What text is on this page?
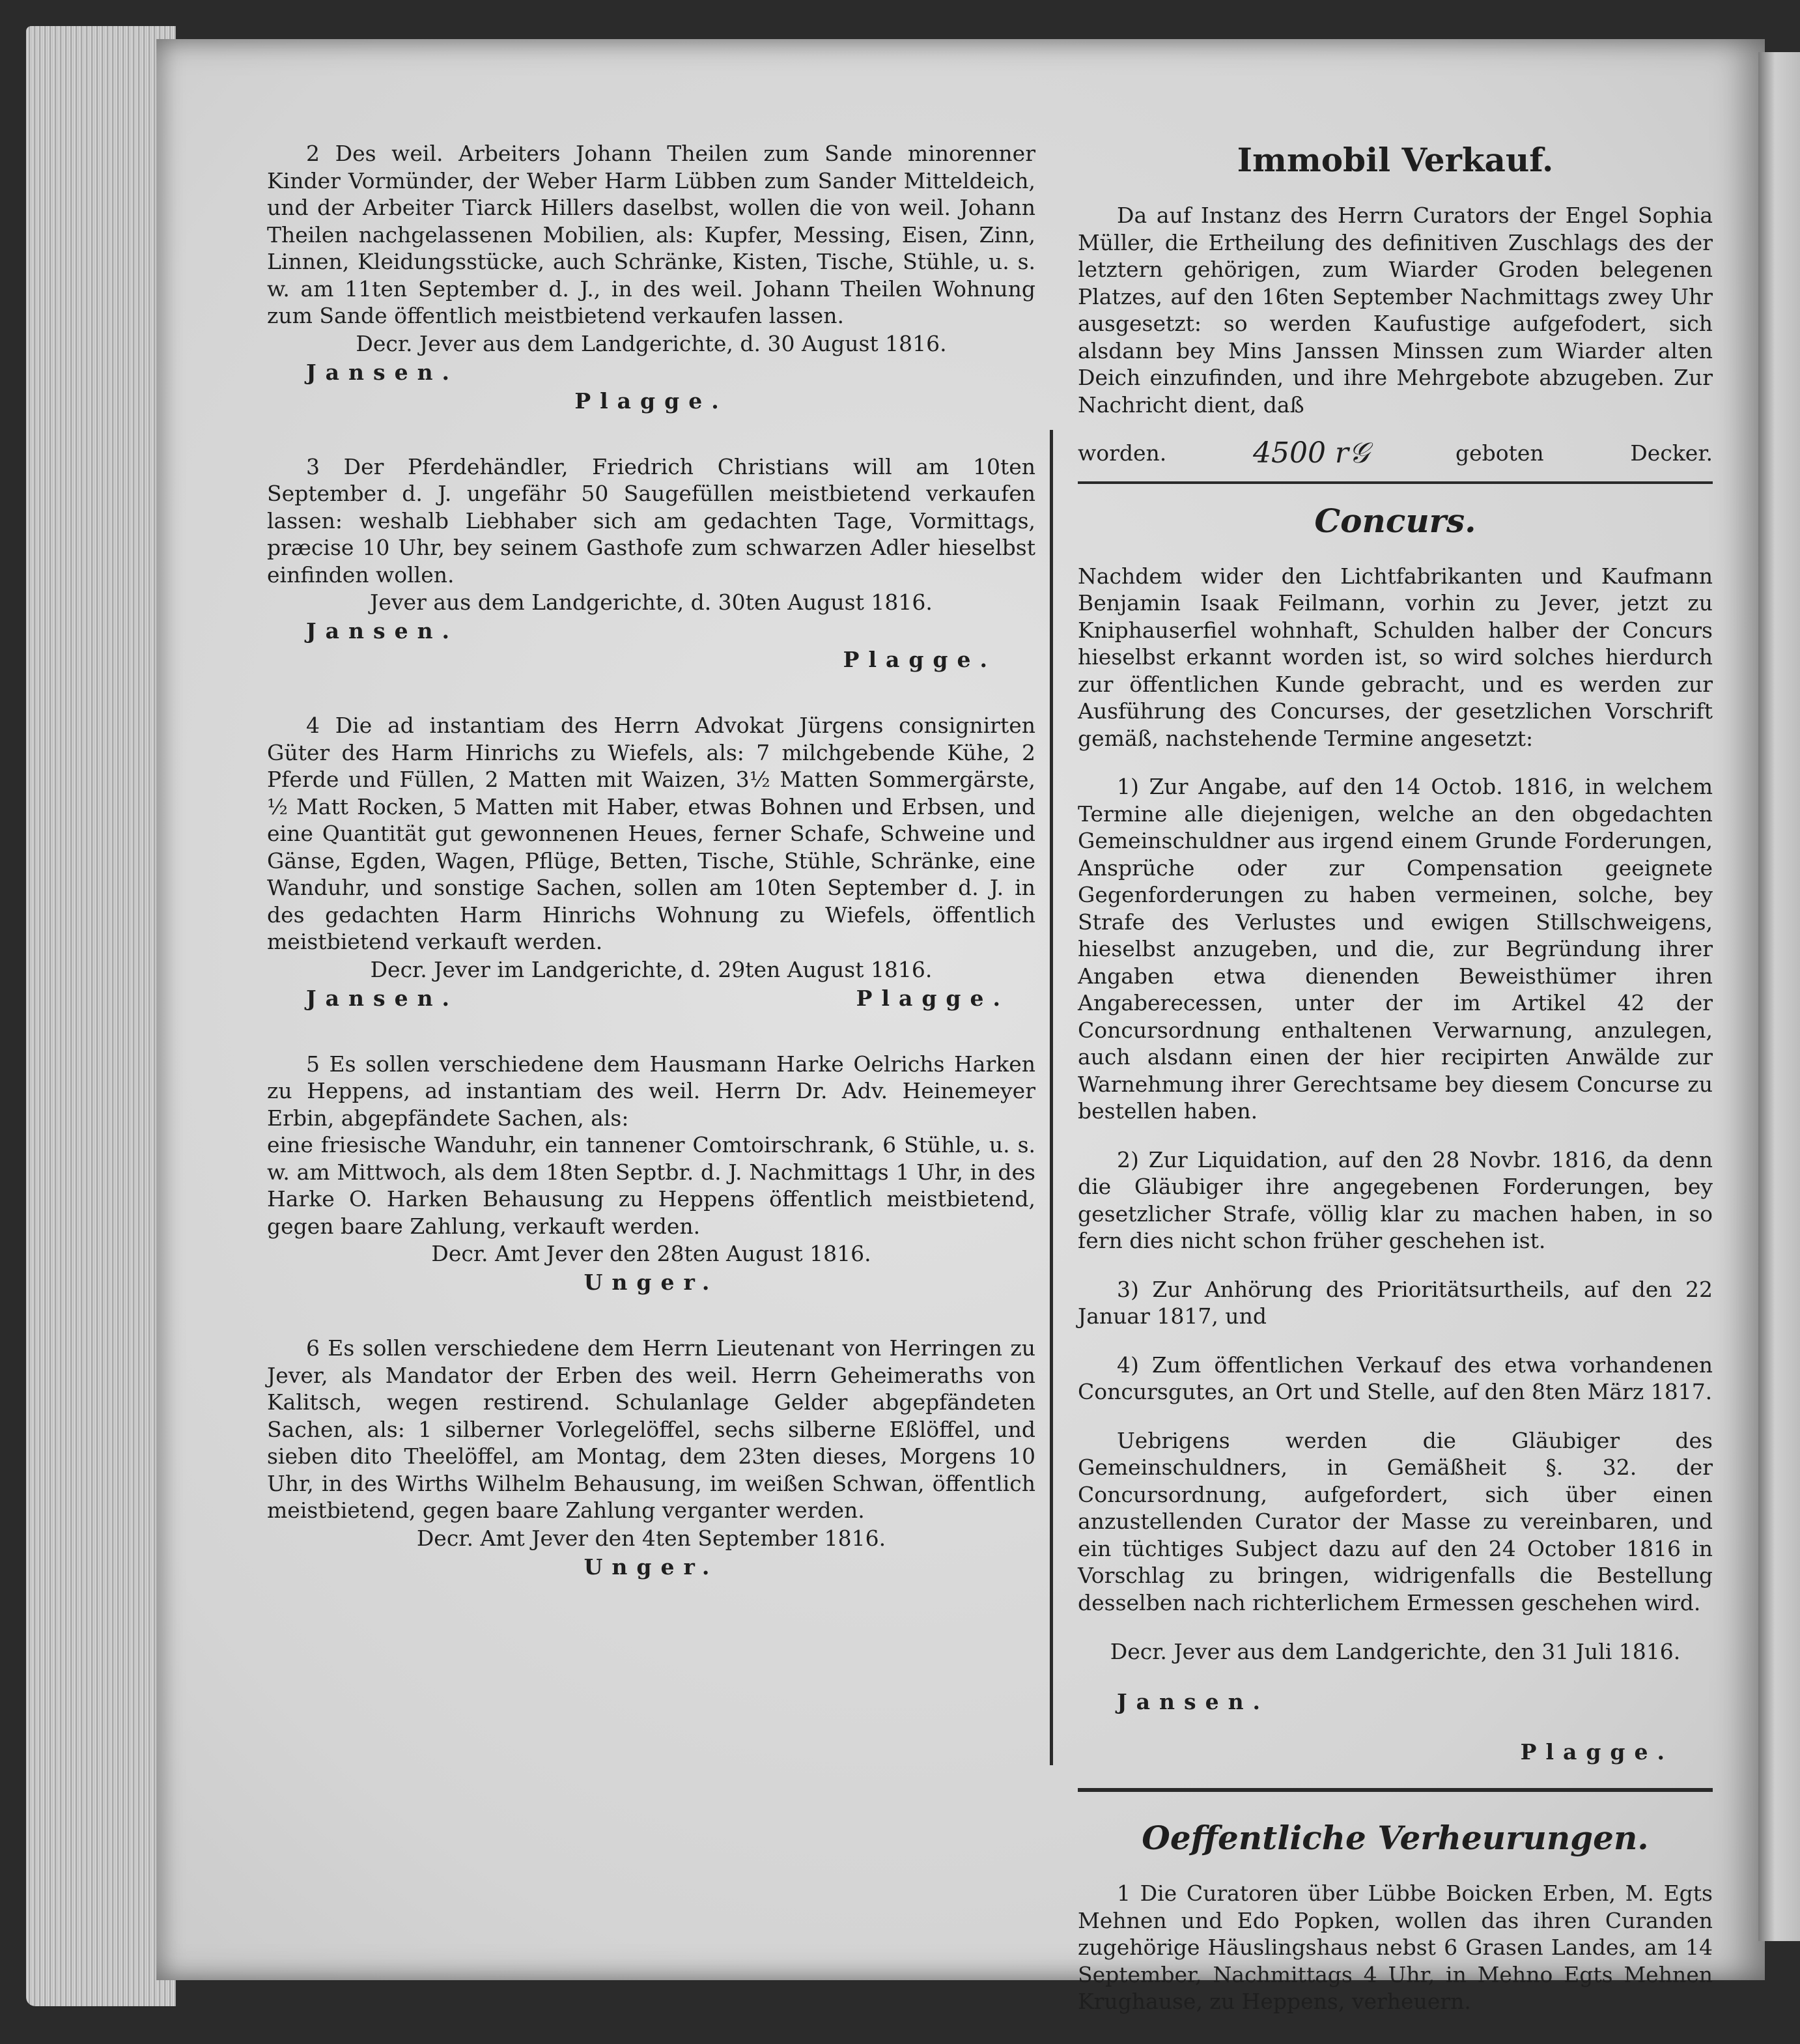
2 Des weil. Arbeiters Johann Theilen zum Sande minorenner Kinder Vormünder, der Weber Harm Lübben zum Sander Mitteldeich, und der Arbeiter Tiarck Hillers daselbst, wollen die von weil. Johann Theilen nachgelassenen Mobilien, als: Kupfer, Messing, Eisen, Zinn, Linnen, Kleidungsstücke, auch Schränke, Kisten, Tische, Stühle, u. s. w. am 11ten September d. J., in des weil. Johann Theilen Wohnung zum Sande öffentlich meistbietend verkaufen lassen.

Decr. Jever aus dem Landgerichte, d. 30 August 1816.

Jansen.

Plagge.

3 Der Pferdehändler, Friedrich Christians will am 10ten September d. J. ungefähr 50 Saugefüllen meistbietend verkaufen lassen: weshalb Liebhaber sich am gedachten Tage, Vormittags, præcise 10 Uhr, bey seinem Gasthofe zum schwarzen Adler hieselbst einfinden wollen.

Jever aus dem Landgerichte, d. 30ten August 1816.

Jansen.

Plagge.

4 Die ad instantiam des Herrn Advokat Jürgens consignirten Güter des Harm Hinrichs zu Wiefels, als: 7 milchgebende Kühe, 2 Pferde und Füllen, 2 Matten mit Waizen, 3½ Matten Sommergärste, ½ Matt Rocken, 5 Matten mit Haber, etwas Bohnen und Erbsen, und eine Quantität gut gewonnenen Heues, ferner Schafe, Schweine und Gänse, Egden, Wagen, Pflüge, Betten, Tische, Stühle, Schränke, eine Wanduhr, und sonstige Sachen, sollen am 10ten September d. J. in des gedachten Harm Hinrichs Wohnung zu Wiefels, öffentlich meistbietend verkauft werden.

Decr. Jever im Landgerichte, d. 29ten August 1816.

Jansen.	Plagge.

5 Es sollen verschiedene dem Hausmann Harke Oelrichs Harken zu Heppens, ad instantiam des weil. Herrn Dr. Adv. Heinemeyer Erbin, abgepfändete Sachen, als:

eine friesische Wanduhr, ein tannener Comtoirschrank, 6 Stühle, u. s. w. am Mittwoch, als dem 18ten Septbr. d. J. Nachmittags 1 Uhr, in des Harke O. Harken Behausung zu Heppens öffentlich meistbietend, gegen baare Zahlung, verkauft werden.

Decr. Amt Jever den 28ten August 1816.

Unger.

6 Es sollen verschiedene dem Herrn Lieutenant von Herringen zu Jever, als Mandator der Erben des weil. Herrn Geheimeraths von Kalitsch, wegen restirend. Schulanlage Gelder abgepfändeten Sachen, als: 1 silberner Vorlegelöffel, sechs silberne Eßlöffel, und sieben dito Theelöffel, am Montag, dem 23ten dieses, Morgens 10 Uhr, in des Wirths Wilhelm Behausung, im weißen Schwan, öffentlich meistbietend, gegen baare Zahlung verganter werden.

Decr. Amt Jever den 4ten September 1816.

Unger.

Immobil Verkauf.

Da auf Instanz des Herrn Curators der Engel Sophia Müller, die Ertheilung des definitiven Zuschlags des der letztern gehörigen, zum Wiarder Groden belegenen Platzes, auf den 16ten September Nachmittags zwey Uhr ausgesetzt: so werden Kaufustige aufgefodert, sich alsdann bey Mins Janssen Minssen zum Wiarder alten Deich einzufinden, und ihre Mehrgebote abzugeben. Zur Nachricht dient, daß

worden.	4500 r𝒢	geboten	Decker.

Concurs.

Nachdem wider den Lichtfabrikanten und Kaufmann Benjamin Isaak Feilmann, vorhin zu Jever, jetzt zu Kniphauserfiel wohnhaft, Schulden halber der Concurs hieselbst erkannt worden ist, so wird solches hierdurch zur öffentlichen Kunde gebracht, und es werden zur Ausführung des Concurses, der gesetzlichen Vorschrift gemäß, nachstehende Termine angesetzt:

1) Zur Angabe, auf den 14 Octob. 1816, in welchem Termine alle diejenigen, welche an den obgedachten Gemeinschuldner aus irgend einem Grunde Forderungen, Ansprüche oder zur Compensation geeignete Gegenforderungen zu haben vermeinen, solche, bey Strafe des Verlustes und ewigen Stillschweigens, hieselbst anzugeben, und die, zur Begründung ihrer Angaben etwa dienenden Beweisthümer ihren Angaberecessen, unter der im Artikel 42 der Concursordnung enthaltenen Verwarnung, anzulegen, auch alsdann einen der hier recipirten Anwälde zur Warnehmung ihrer Gerechtsame bey diesem Concurse zu bestellen haben.

2) Zur Liquidation, auf den 28 Novbr. 1816, da denn die Gläubiger ihre angegebenen Forderungen, bey gesetzlicher Strafe, völlig klar zu machen haben, in so fern dies nicht schon früher geschehen ist.

3) Zur Anhörung des Prioritätsurtheils, auf den 22 Januar 1817, und

4) Zum öffentlichen Verkauf des etwa vorhandenen Concursgutes, an Ort und Stelle, auf den 8ten März 1817.

Uebrigens werden die Gläubiger des Gemeinschuldners, in Gemäßheit §. 32. der Concursordnung, aufgefordert, sich über einen anzustellenden Curator der Masse zu vereinbaren, und ein tüchtiges Subject dazu auf den 24 October 1816 in Vorschlag zu bringen, widrigenfalls die Bestellung desselben nach richterlichem Ermessen geschehen wird.

Decr. Jever aus dem Landgerichte, den 31 Juli 1816.

Jansen.

Plagge.

Oeffentliche Verheurungen.

1 Die Curatoren über Lübbe Boicken Erben, M. Egts Mehnen und Edo Popken, wollen das ihren Curanden zugehörige Häuslingshaus nebst 6 Grasen Landes, am 14 September, Nachmittags 4 Uhr, in Mehno Egts Mehnen Krughause, zu Heppens, verheuern.
